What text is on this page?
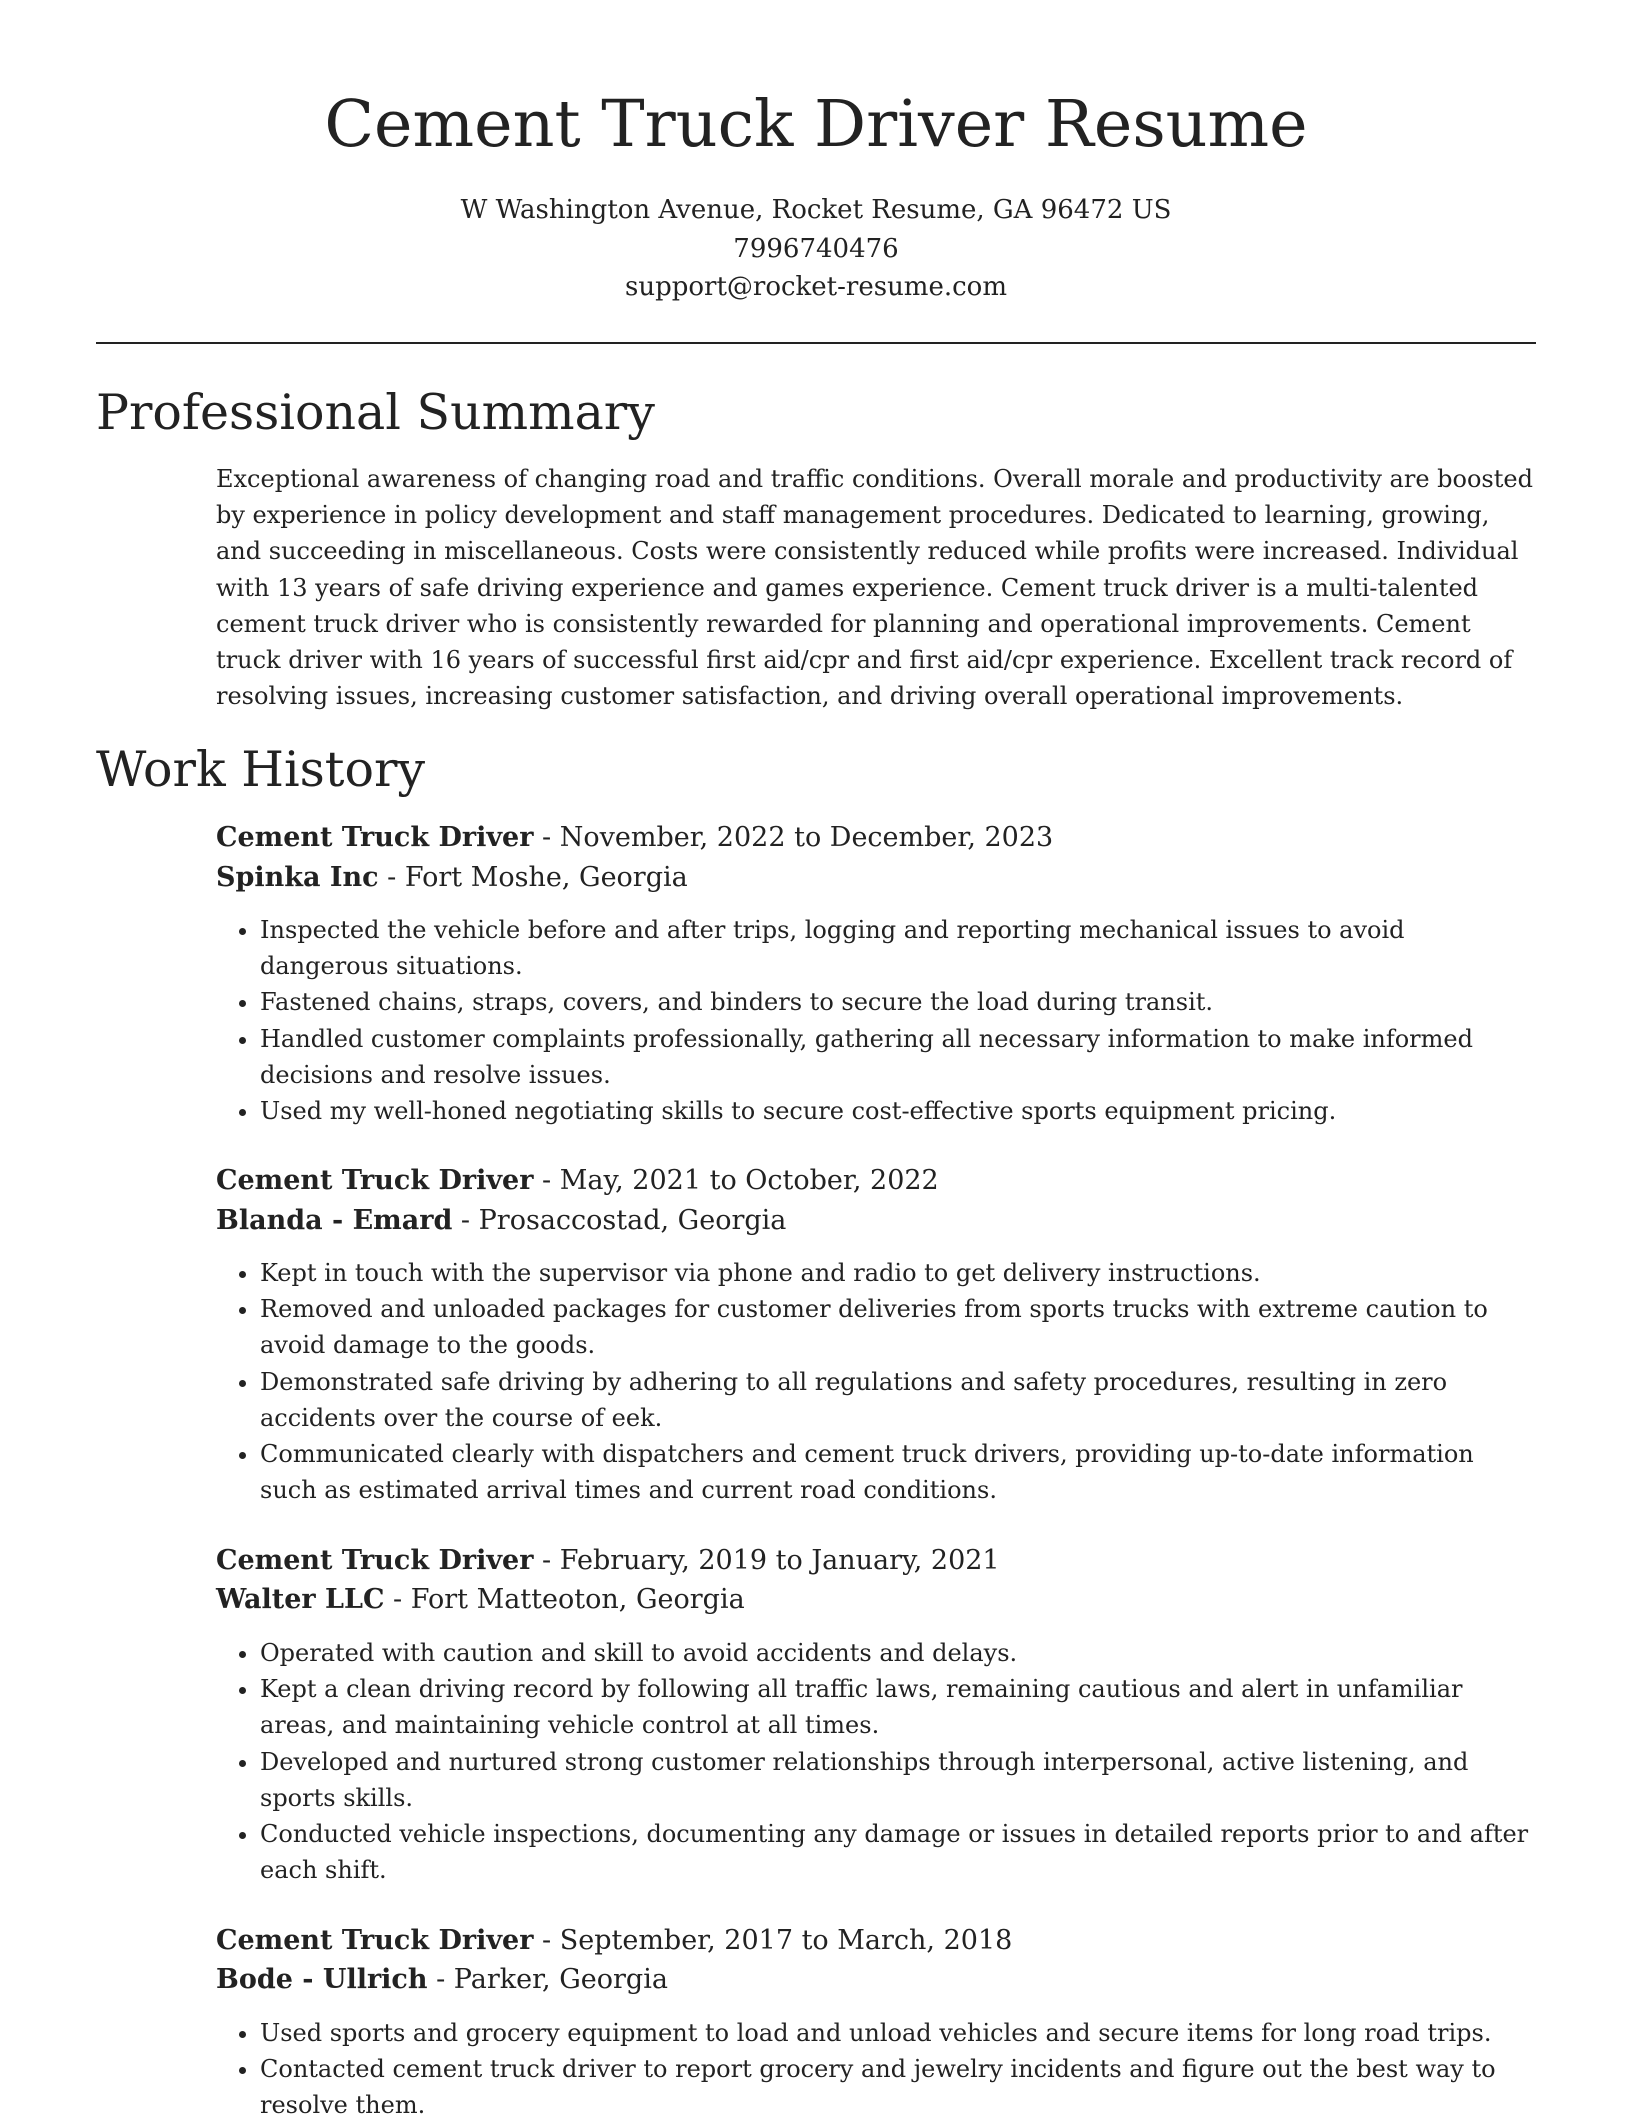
Cement Truck Driver Resume
W Washington Avenue, Rocket Resume, GA 96472 US
7996740476
support@rocket-resume.com
Professional Summary

Exceptional awareness of changing road and traffic conditions. Overall morale and productivity are boosted by experience in policy development and staff management procedures. Dedicated to learning, growing, and succeeding in miscellaneous. Costs were consistently reduced while profits were increased. Individual with 13 years of safe driving experience and games experience. Cement truck driver is a multi-talented cement truck driver who is consistently rewarded for planning and operational improvements. Cement truck driver with 16 years of successful first aid/cpr and first aid/cpr experience. Excellent track record of resolving issues, increasing customer satisfaction, and driving overall operational improvements.

Work History
Cement Truck Driver - November, 2022 to December, 2023
Spinka Inc - Fort Moshe, Georgia
• Inspected the vehicle before and after trips, logging and reporting mechanical issues to avoid dangerous situations.
• Fastened chains, straps, covers, and binders to secure the load during transit.
• Handled customer complaints professionally, gathering all necessary information to make informed decisions and resolve issues.
• Used my well-honed negotiating skills to secure cost-effective sports equipment pricing.
Cement Truck Driver - May, 2021 to October, 2022
Blanda - Emard - Prosaccostad, Georgia
• Kept in touch with the supervisor via phone and radio to get delivery instructions.
• Removed and unloaded packages for customer deliveries from sports trucks with extreme caution to avoid damage to the goods.
• Demonstrated safe driving by adhering to all regulations and safety procedures, resulting in zero accidents over the course of eek.
• Communicated clearly with dispatchers and cement truck drivers, providing up-to-date information such as estimated arrival times and current road conditions.
Cement Truck Driver - February, 2019 to January, 2021
Walter LLC - Fort Matteoton, Georgia
• Operated with caution and skill to avoid accidents and delays.
• Kept a clean driving record by following all traffic laws, remaining cautious and alert in unfamiliar areas, and maintaining vehicle control at all times.
• Developed and nurtured strong customer relationships through interpersonal, active listening, and sports skills.
• Conducted vehicle inspections, documenting any damage or issues in detailed reports prior to and after each shift.
Cement Truck Driver - September, 2017 to March, 2018
Bode - Ullrich - Parker, Georgia
• Used sports and grocery equipment to load and unload vehicles and secure items for long road trips.
• Contacted cement truck driver to report grocery and jewelry incidents and figure out the best way to resolve them.
